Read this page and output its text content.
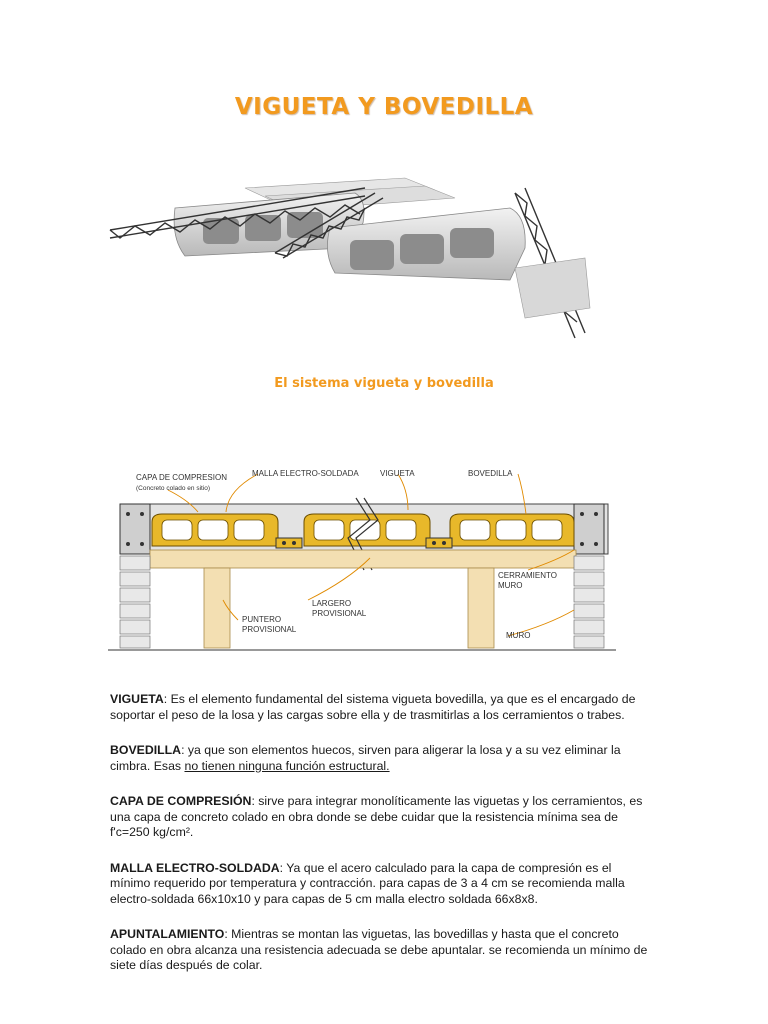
VIGUETA Y BOVEDILLA
El sistema vigueta y bovedilla
CAPA DE COMPRESION
(Concreto colado en sitio)
MALLA ELECTRO-SOLDADA	VIGUETA	BOVEDILLA
CERRAMIENTO
MURO
LARGERO
PROVISIONAL
PUNTERO
PROVISIONAL
MURO

VIGUETA: Es el elemento fundamental del sistema vigueta bovedilla, ya que es el encargado de soportar el peso de la losa y las cargas sobre ella y de trasmitirlas a los cerramientos o trabes.

BOVEDILLA: ya que son elementos huecos, sirven para aligerar la losa y a su vez eliminar la cimbra. Esas no tienen ninguna función estructural.

CAPA DE COMPRESIÓN: sirve para integrar monolíticamente las viguetas y los cerramientos, es una capa de concreto colado en obra donde se debe cuidar que la resistencia mínima sea de f'c=250 kg/cm².

MALLA ELECTRO-SOLDADA: Ya que el acero calculado para la capa de compresión es el mínimo requerido por temperatura y contracción. para capas de 3 a 4 cm se recomienda malla electro-soldada 66x10x10 y para capas de 5 cm malla electro soldada 66x8x8.

APUNTALAMIENTO: Mientras se montan las viguetas, las bovedillas y hasta que el concreto colado en obra alcanza una resistencia adecuada se debe apuntalar. se recomienda un mínimo de siete días después de colar.
